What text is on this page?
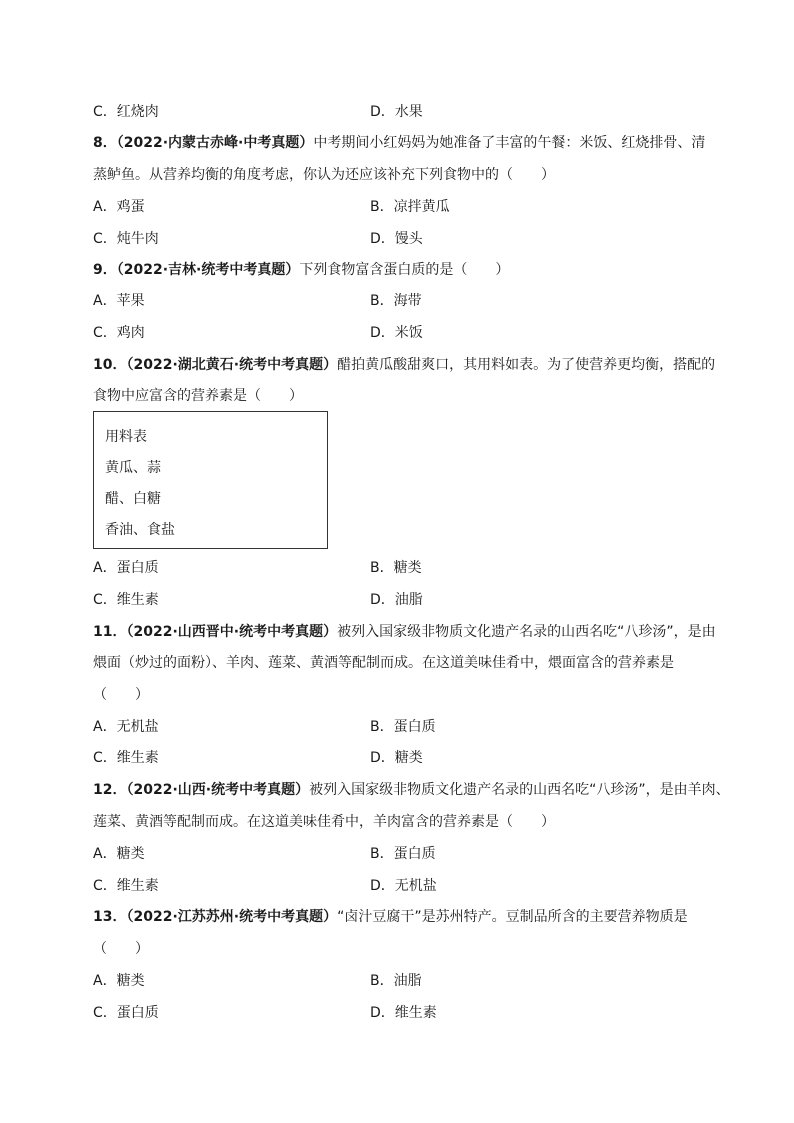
C．红烧肉	D．水果
8．（2022·内蒙古赤峰·中考真题）中考期间小红妈妈为她准备了丰富的午餐：米饭、红烧排骨、清
蒸鲈鱼。从营养均衡的角度考虑，你认为还应该补充下列食物中的（　　）
A．鸡蛋	B．凉拌黄瓜
C．炖牛肉	D．馒头
9．（2022·吉林·统考中考真题）下列食物富含蛋白质的是（　　）
A．苹果	B．海带
C．鸡肉	D．米饭
10．（2022·湖北黄石·统考中考真题）醋拍黄瓜酸甜爽口，其用料如表。为了使营养更均衡，搭配的
食物中应富含的营养素是（　　）
用料表
黄瓜、蒜
醋、白糖
香油、食盐
A．蛋白质	B．糖类
C．维生素	D．油脂
11．（2022·山西晋中·统考中考真题）被列入国家级非物质文化遗产名录的山西名吃“八珍汤”，是由
煨面（炒过的面粉）、羊肉、莲菜、黄酒等配制而成。在这道美味佳肴中，煨面富含的营养素是
（　　）
A．无机盐	B．蛋白质
C．维生素	D．糖类
12．（2022·山西·统考中考真题）被列入国家级非物质文化遗产名录的山西名吃“八珍汤”，是由羊肉、
莲菜、黄酒等配制而成。在这道美味佳肴中，羊肉富含的营养素是（　　）
A．糖类	B．蛋白质
C．维生素	D．无机盐
13．（2022·江苏苏州·统考中考真题）“卤汁豆腐干”是苏州特产。豆制品所含的主要营养物质是
（　　）
A．糖类	B．油脂
C．蛋白质	D．维生素
